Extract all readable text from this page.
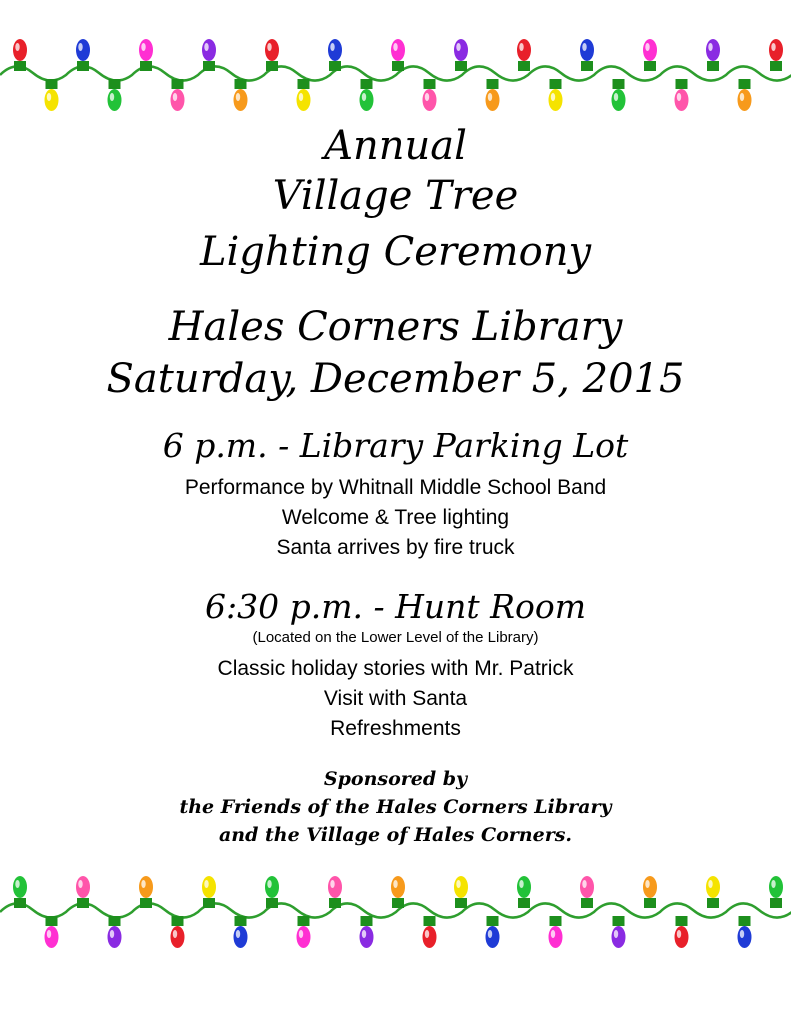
Annual
Village Tree
Lighting Ceremony
Hales Corners Library
Saturday, December 5, 2015
6 p.m. - Library Parking Lot
Performance by Whitnall Middle School Band
Welcome & Tree lighting
Santa arrives by fire truck
6:30 p.m. - Hunt Room
(Located on the Lower Level of the Library)
Classic holiday stories with Mr. Patrick
Visit with Santa
Refreshments
Sponsored by
the Friends of the Hales Corners Library
and the Village of Hales Corners.
